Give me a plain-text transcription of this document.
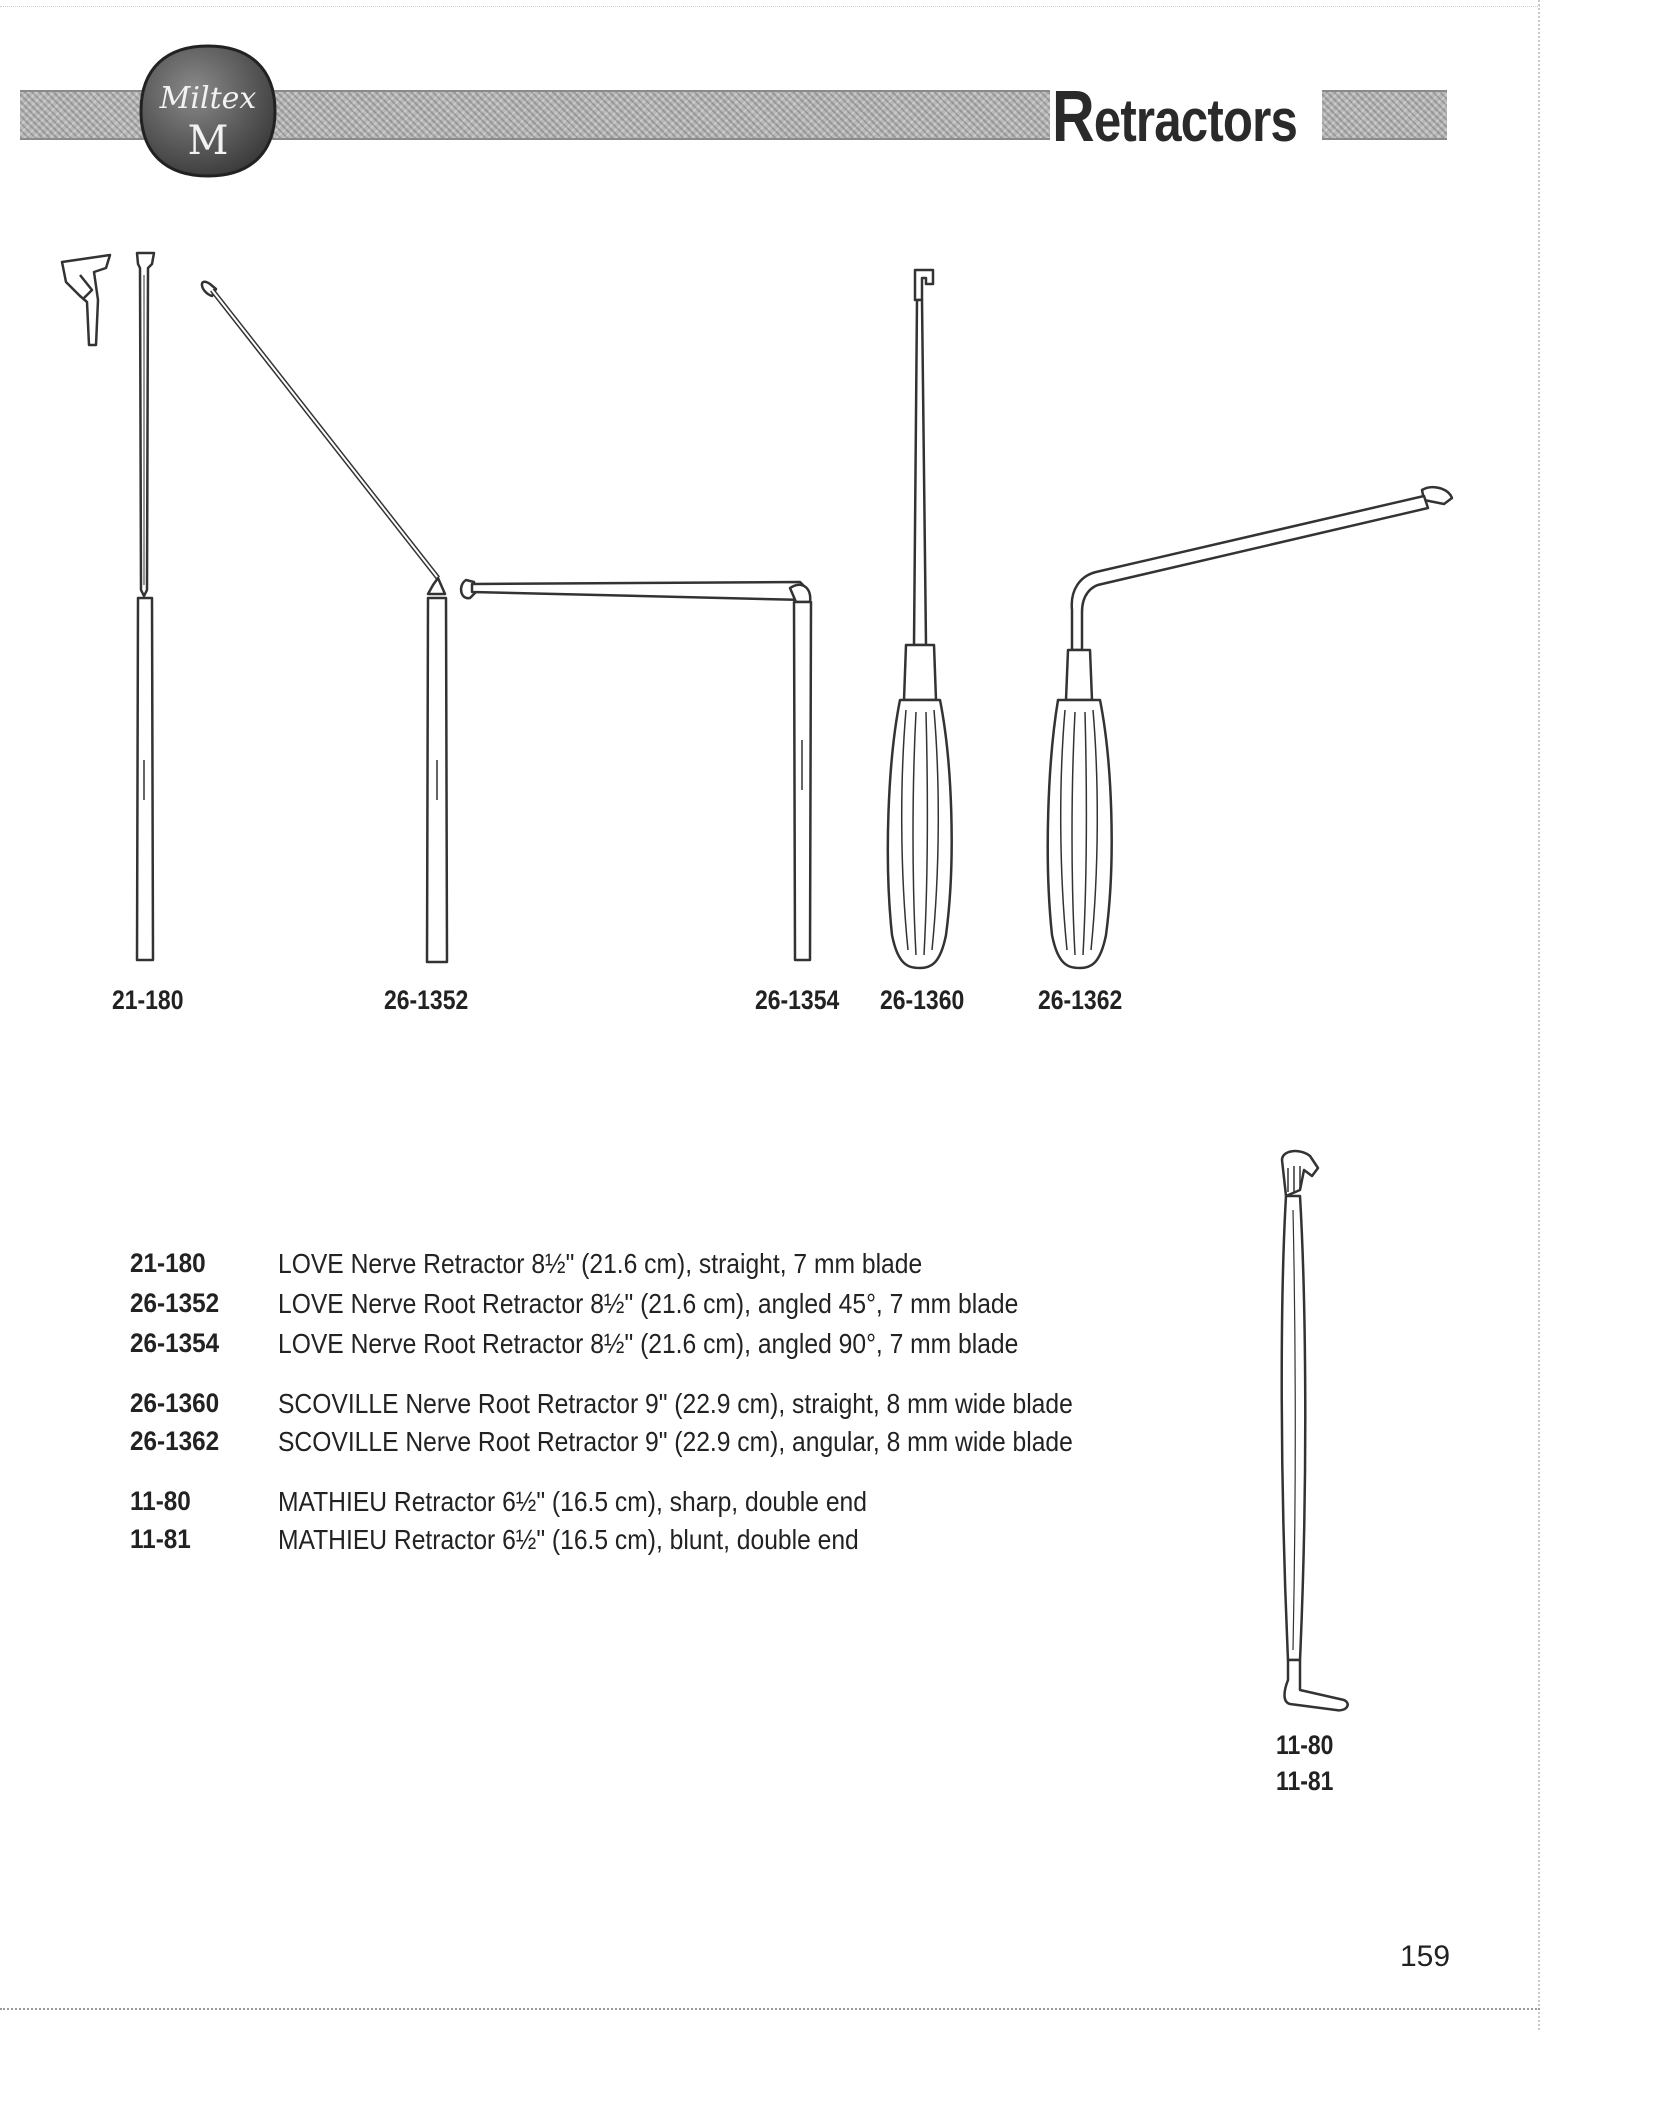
Miltex
M	Retractors
21-180	26-1352	26-1354 26-1360	26-1362
11-80
11-81
21-180	LOVE Nerve Retractor 8½" (21.6 cm), straight, 7 mm blade
26-1352 LOVE Nerve Root Retractor 8½" (21.6 cm), angled 45°, 7 mm blade
26-1354 LOVE Nerve Root Retractor 8½" (21.6 cm), angled 90°, 7 mm blade
26-1360 SCOVILLE Nerve Root Retractor 9" (22.9 cm), straight, 8 mm wide blade
26-1362 SCOVILLE Nerve Root Retractor 9" (22.9 cm), angular, 8 mm wide blade
11-80	MATHIEU Retractor 6½" (16.5 cm), sharp, double end
11-81	MATHIEU Retractor 6½" (16.5 cm), blunt, double end
159
